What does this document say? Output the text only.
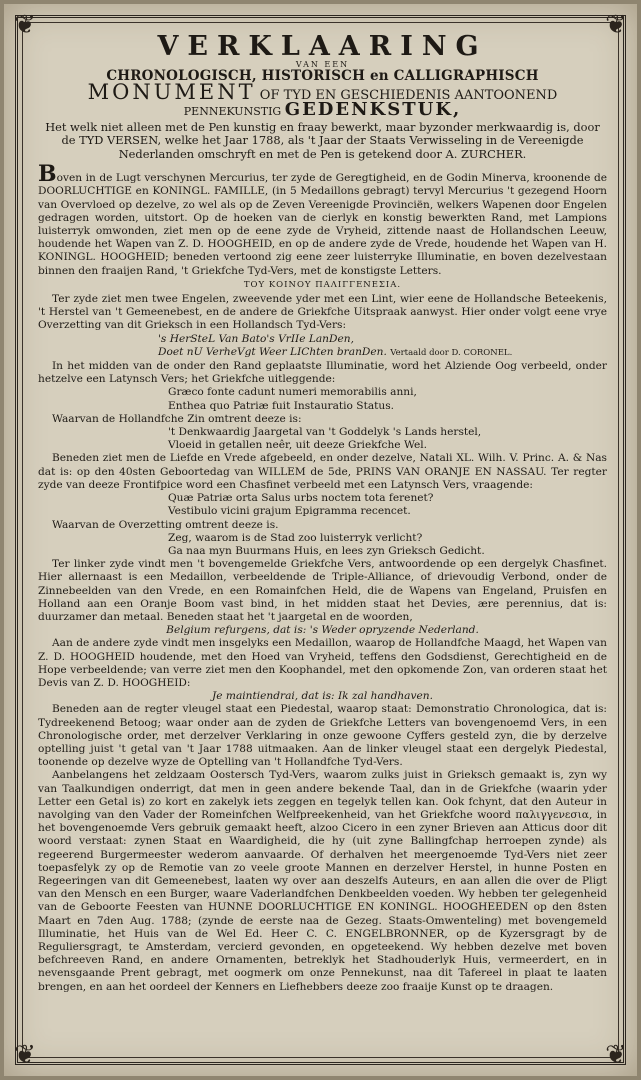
❦	❦
❦	❦
VERKLAARING
VAN EEN
CHRONOLOGISCH, HISTORISCH en CALLIGRAPHISCH
MONUMENT OF TYD EN GESCHIEDENIS AANTOONEND
PENNEKUNSTIG GEDENKSTUK,
Het welk niet alleen met de Pen kunstig en fraay bewerkt, maar byzonder merkwaardig is, door de TYD VERSEN, welke het Jaar 1788, als 't Jaar der Staats Verwisseling in de Vereenigde Nederlanden omschryft en met de Pen is getekend door A. ZURCHER.

Boven in de Lugt verschynen Mercurius, ter zyde de Geregtigheid, en de Godin Minerva, kroonende de DOORLUCHTIGE en KONINGL. FAMILLE, (in 5 Medaillons gebragt) tervyl Mercurius 't gezegend Hoorn van Overvloed op dezelve, zo wel als op de Zeven Vereenigde Provinciën, welkers Wapenen door Engelen gedragen worden, uitstort. Op de hoeken van de cierlyk en konstig bewerkten Rand, met Lampions luisterryk omwonden, ziet men op de eene zyde de Vryheid, zittende naast de Hollandschen Leeuw, houdende het Wapen van Z. D. HOOGHEID, en op de andere zyde de Vrede, houdende het Wapen van H. KONINGL. HOOGHEID; beneden vertoond zig eene zeer luisterryke Illuminatie, en boven dezelvestaan binnen den fraaijen Rand, 't Griekfche Tyd-Vers, met de konstigste Letters.

ΤΟΥ ΚΟΙΝΟΥ ΠΑΛΙΓΓΕΝΕΣΙΑ.

Ter zyde ziet men twee Engelen, zweevende yder met een Lint, wier eene de Hollandsche Beteekenis, 't Herstel van 't Gemeenebest, en de andere de Griekfche Uitspraak aanwyst. Hier onder volgt eene vrye Overzetting van dit Grieksch in een Hollandsch Tyd-Vers:

's HerSteL Van Bato's VrIIe LanDen,
Doet nU VerheVgt Weer LIChten branDen. Vertaald door D. CORONEL.

In het midden van de onder den Rand geplaatste Illuminatie, word het Alziende Oog verbeeld, onder hetzelve een Latynsch Vers; het Griekfche uitleggende:

Græco fonte cadunt numeri memorabilis anni,
Enthea quo Patriæ fuit Instauratio Status.

Waarvan de Hollandfche Zin omtrent deeze is:

't Denkwaardig Jaargetal van 't Goddelyk 's Lands herstel,
Vloeid in getallen neêr, uit deeze Griekfche Wel.

Beneden ziet men de Liefde en Vrede afgebeeld, en onder dezelve, Natali XL. Wilh. V. Princ. A. & Nas dat is: op den 40sten Geboortedag van WILLEM de 5de, PRINS VAN ORANJE EN NASSAU. Ter regter zyde van deeze Frontifpice word een Chasfinet verbeeld met een Latynsch Vers, vraagende:

Quæ Patriæ orta Salus urbs noctem tota ferenet?
Vestibulo vicini grajum Epigramma recencet.

Waarvan de Overzetting omtrent deeze is.

Zeg, waarom is de Stad zoo luisterryk verlicht?
Ga naa myn Buurmans Huis, en lees zyn Grieksch Gedicht.

Ter linker zyde vindt men 't bovengemelde Griekfche Vers, antwoordende op een dergelyk Chasfinet. Hier allernaast is een Medaillon, verbeeldende de Triple-Alliance, of drievoudig Verbond, onder de Zinnebeelden van den Vrede, en een Romainfchen Held, die de Wapens van Engeland, Pruisfen en Holland aan een Oranje Boom vast bind, in het midden staat het Devies, ære perennius, dat is: duurzamer dan metaal. Beneden staat het 't jaargetal en de woorden,

Belgium refurgens, dat is: 's Weder opryzende Nederland.

Aan de andere zyde vindt men insgelyks een Medaillon, waarop de Hollandfche Maagd, het Wapen van Z. D. HOOGHEID houdende, met den Hoed van Vryheid, teffens den Godsdienst, Gerechtigheid en de Hope verbeeldende; van verre ziet men den Koophandel, met den opkomende Zon, van orderen staat het Devis van Z. D. HOOGHEID:

Je maintiendrai, dat is: Ik zal handhaven.

Beneden aan de regter vleugel staat een Piedestal, waarop staat: Demonstratio Chronologica, dat is: Tydreekenend Betoog; waar onder aan de zyden de Griekfche Letters van bovengenoemd Vers, in een Chronologische order, met derzelver Verklaring in onze gewoone Cyffers gesteld zyn, die by derzelve optelling juist 't getal van 't Jaar 1788 uitmaaken. Aan de linker vleugel staat een dergelyk Piedestal, toonende op dezelve wyze de Optelling van 't Hollandfche Tyd-Vers.

Aanbelangens het zeldzaam Oostersch Tyd-Vers, waarom zulks juist in Grieksch gemaakt is, zyn wy van Taalkundigen onderrigt, dat men in geen andere bekende Taal, dan in de Griekfche (waarin yder Letter een Getal is) zo kort en zakelyk iets zeggen en tegelyk tellen kan. Ook fchynt, dat den Auteur in navolging van den Vader der Romeinfchen Welfpreekenheid, van het Griekfche woord παλιγγενεσια, in het bovengenoemde Vers gebruik gemaakt heeft, alzoo Cicero in een zyner Brieven aan Atticus door dit woord verstaat: zynen Staat en Waardigheid, die hy (uit zyne Ballingfchap herroepen zynde) als regeerend Burgermeester wederom aanvaarde. Of derhalven het meergenoemde Tyd-Vers niet zeer toepasfelyk zy op de Remotie van zo veele groote Mannen en derzelver Herstel, in hunne Posten en Regeeringen van dit Gemeenebest, laaten wy over aan deszelfs Auteurs, en aan allen die over de Pligt van den Mensch en een Burger, waare Vaderlandfchen Denkbeelden voeden. Wy hebben ter gelegenheid van de Geboorte Feesten van HUNNE DOORLUCHTIGE EN KONINGL. HOOGHEEDEN op den 8sten Maart en 7den Aug. 1788; (zynde de eerste naa de Gezeg. Staats-Omwenteling) met bovengemeld Illuminatie, het Huis van de Wel Ed. Heer C. C. ENGELBRONNER, op de Kyzersgragt by de Reguliersgragt, te Amsterdam, vercierd gevonden, en opgeteekend. Wy hebben dezelve met boven befchreeven Rand, en andere Ornamenten, betreklyk het Stadhouderlyk Huis, vermeerdert, en in nevensgaande Prent gebragt, met oogmerk om onze Pennekunst, naa dit Tafereel in plaat te laaten brengen, en aan het oordeel der Kenners en Liefhebbers deeze zoo fraaije Kunst op te draagen.
